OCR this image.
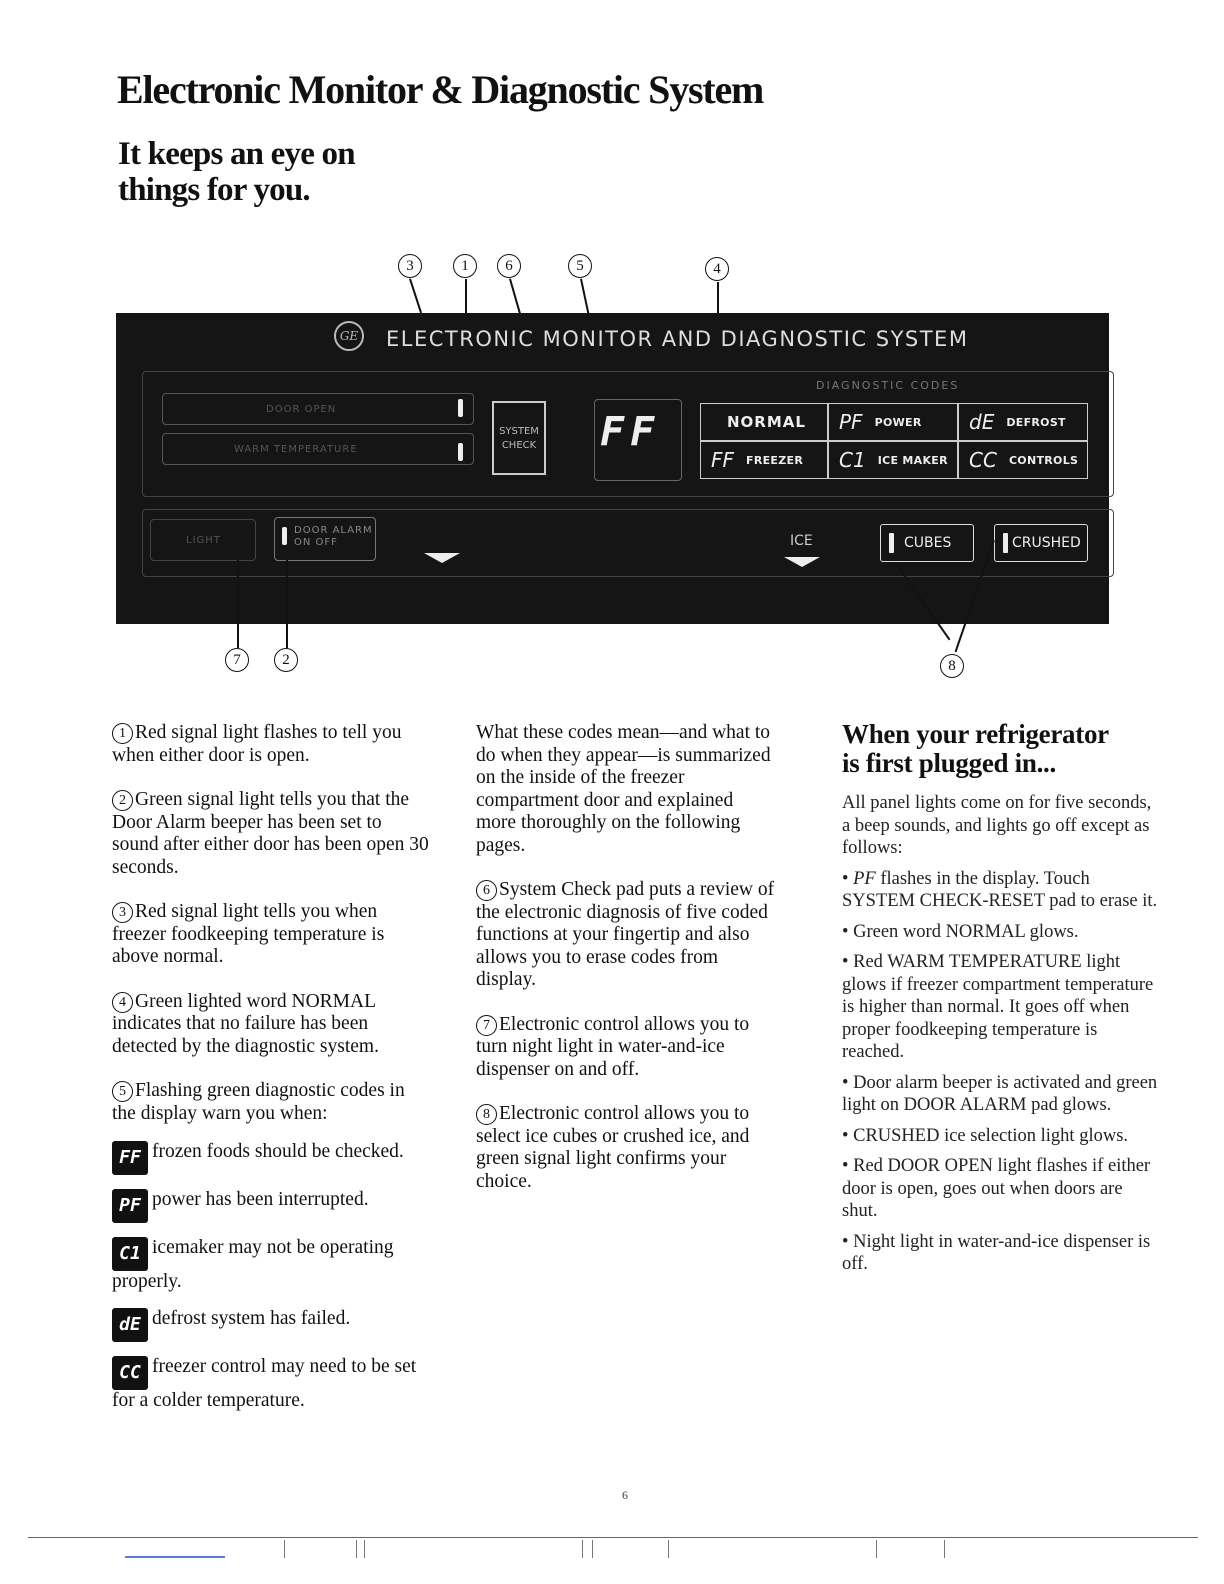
Electronic Monitor & Diagnostic System
It keeps an eye on
things for you.
3	1	6	5	4
GE ELECTRONIC MONITOR AND DIAGNOSTIC SYSTEM
DOOR OPEN
WARM TEMPERATURE
SYSTEM
CHECK FF
DIAGNOSTIC CODES
NORMAL PF POWER dE DEFROST
FF FREEZER C1 ICE MAKER CC CONTROLS
LIGHT
DOOR ALARM
ON OFF	ICE	CUBES	CRUSHED
7	2	8

1 Red signal light flashes to tell you when either door is open.

2 Green signal light tells you that the Door Alarm beeper has been set to sound after either door has been open 30 seconds.

3 Red signal light tells you when freezer foodkeeping temperature is above normal.

4 Green lighted word NORMAL indicates that no failure has been detected by the diagnostic system.

5 Flashing green diagnostic codes in the display warn you when:

FF frozen foods should be checked.

PF power has been interrupted.

C1 icemaker may not be operating properly.

dE defrost system has failed.

CC freezer control may need to be set for a colder temperature.

What these codes mean—and what to do when they appear—is summarized on the inside of the freezer compartment door and explained more thoroughly on the following pages.

6 System Check pad puts a review of the electronic diagnosis of five coded functions at your fingertip and also allows you to erase codes from display.

7 Electronic control allows you to turn night light in water-and-ice dispenser on and off.

8 Electronic control allows you to select ice cubes or crushed ice, and green signal light confirms your choice.

When your refrigerator
is first plugged in...

All panel lights come on for five seconds, a beep sounds, and lights go off except as follows:

• PF flashes in the display. Touch SYSTEM CHECK-RESET pad to erase it.

• Green word NORMAL glows.

• Red WARM TEMPERATURE light glows if freezer compartment temperature is higher than normal. It goes off when proper foodkeeping temperature is reached.

• Door alarm beeper is activated and green light on DOOR ALARM pad glows.

• CRUSHED ice selection light glows.

• Red DOOR OPEN light flashes if either door is open, goes out when doors are shut.

• Night light in water-and-ice dispenser is off.

6
